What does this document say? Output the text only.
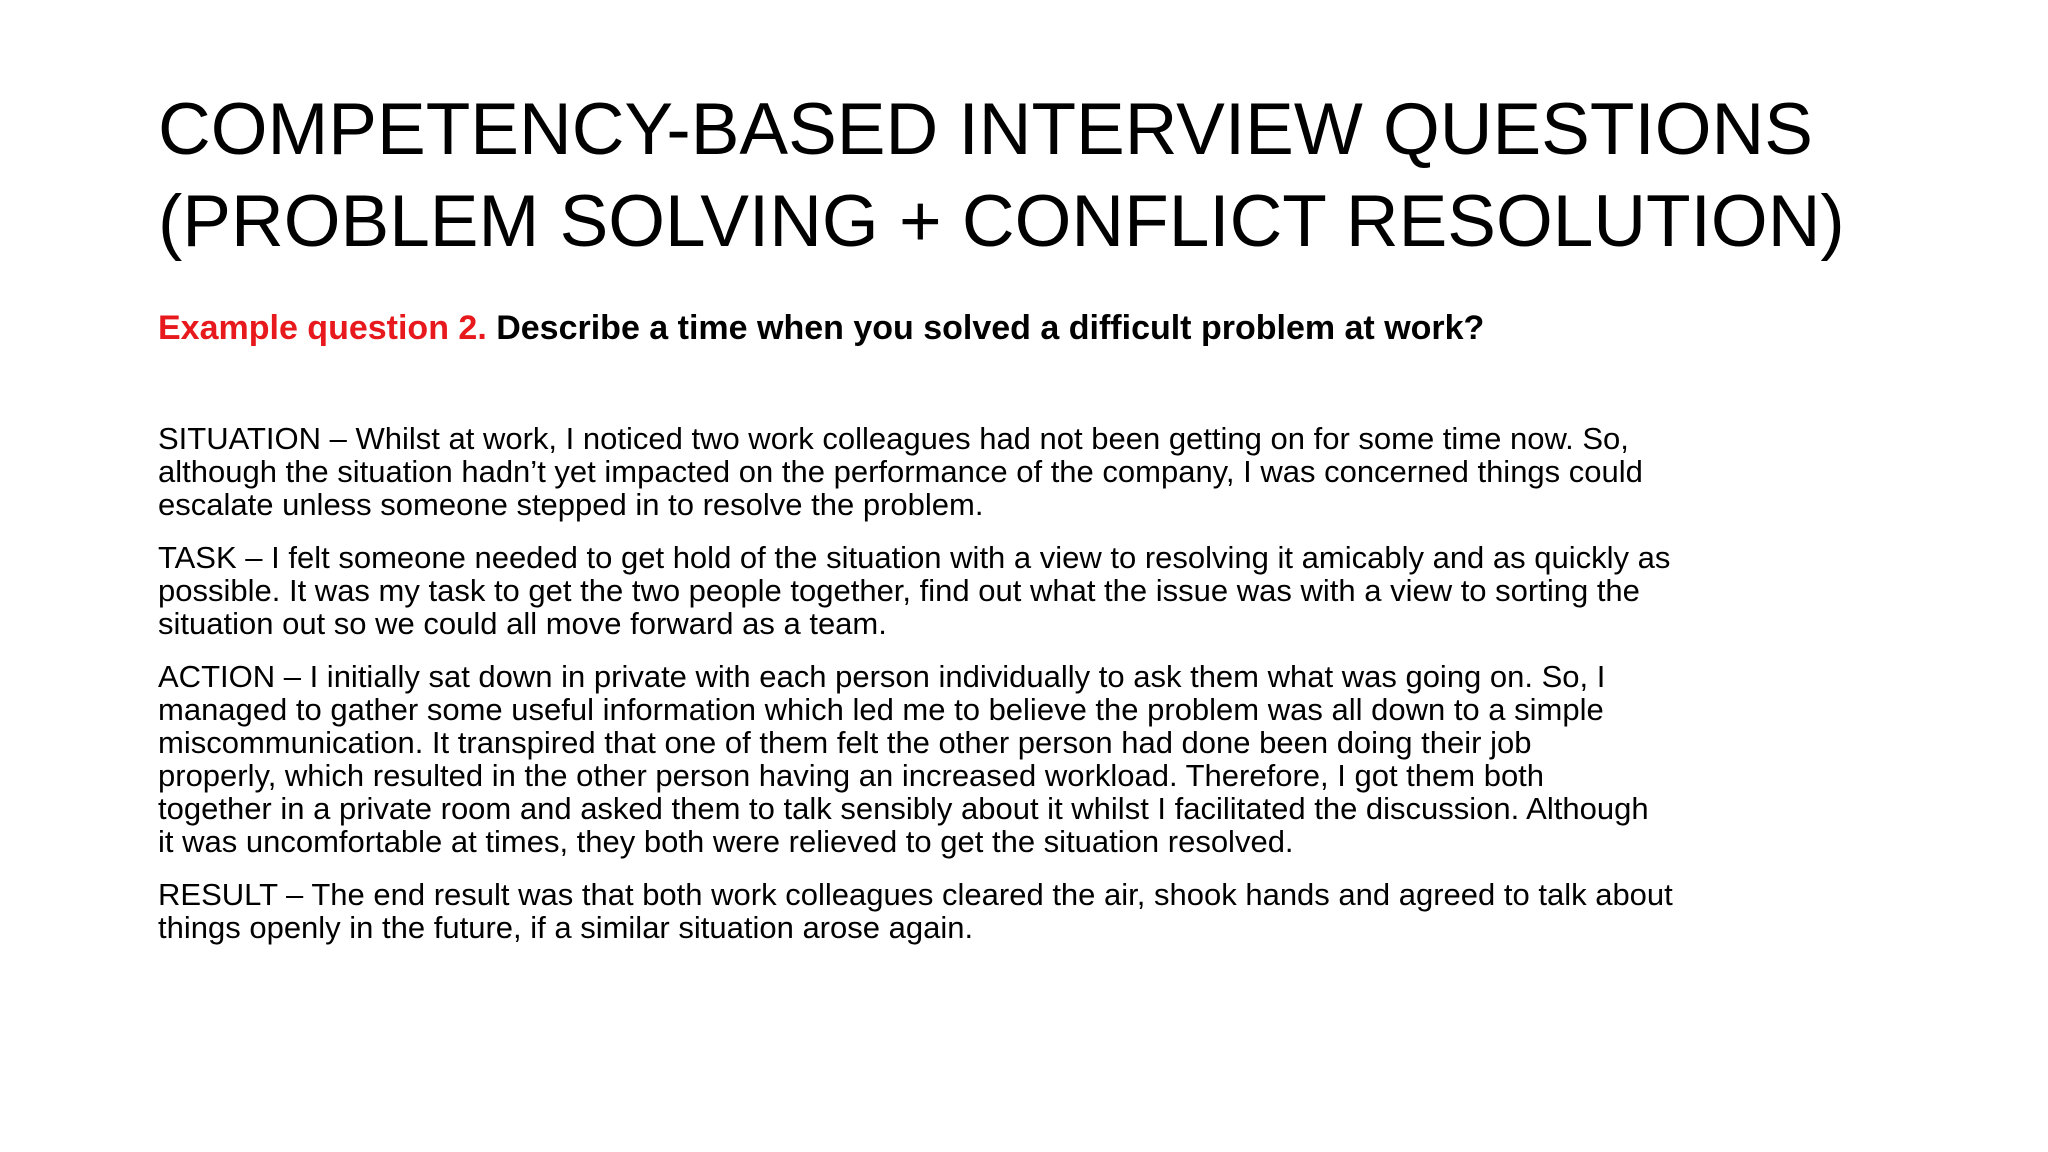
COMPETENCY-BASED INTERVIEW QUESTIONS
(PROBLEM SOLVING + CONFLICT RESOLUTION)

Example question 2. Describe a time when you solved a difficult problem at work?

SITUATION – Whilst at work, I noticed two work colleagues had not been getting on for some time now. So,
although the situation hadn’t yet impacted on the performance of the company, I was concerned things could
escalate unless someone stepped in to resolve the problem.

TASK – I felt someone needed to get hold of the situation with a view to resolving it amicably and as quickly as
possible. It was my task to get the two people together, find out what the issue was with a view to sorting the
situation out so we could all move forward as a team.

ACTION – I initially sat down in private with each person individually to ask them what was going on. So, I
managed to gather some useful information which led me to believe the problem was all down to a simple
miscommunication. It transpired that one of them felt the other person had done been doing their job
properly, which resulted in the other person having an increased workload. Therefore, I got them both
together in a private room and asked them to talk sensibly about it whilst I facilitated the discussion. Although
it was uncomfortable at times, they both were relieved to get the situation resolved.

RESULT – The end result was that both work colleagues cleared the air, shook hands and agreed to talk about
things openly in the future, if a similar situation arose again.
